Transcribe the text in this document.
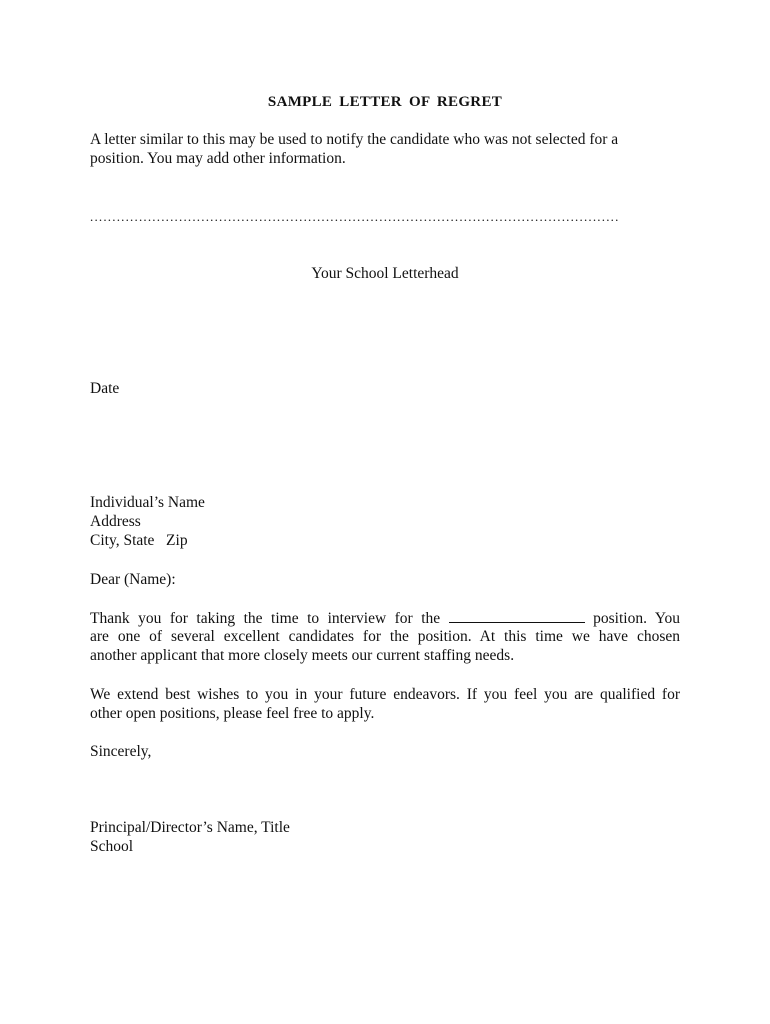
SAMPLE LETTER OF REGRET
A letter similar to this may be used to notify the candidate who was not selected for a
position. You may add other information.
.......................................................................................................................
Your School Letterhead
Date
Individual’s Name
Address
City, State   Zip
Dear (Name):
Thank you for taking the time to interview for the	position. You
are one of several excellent candidates for the position. At this time we have chosen
another applicant that more closely meets our current staffing needs.
We extend best wishes to you in your future endeavors. If you feel you are qualified for
other open positions, please feel free to apply.
Sincerely,
Principal/Director’s Name, Title
School
